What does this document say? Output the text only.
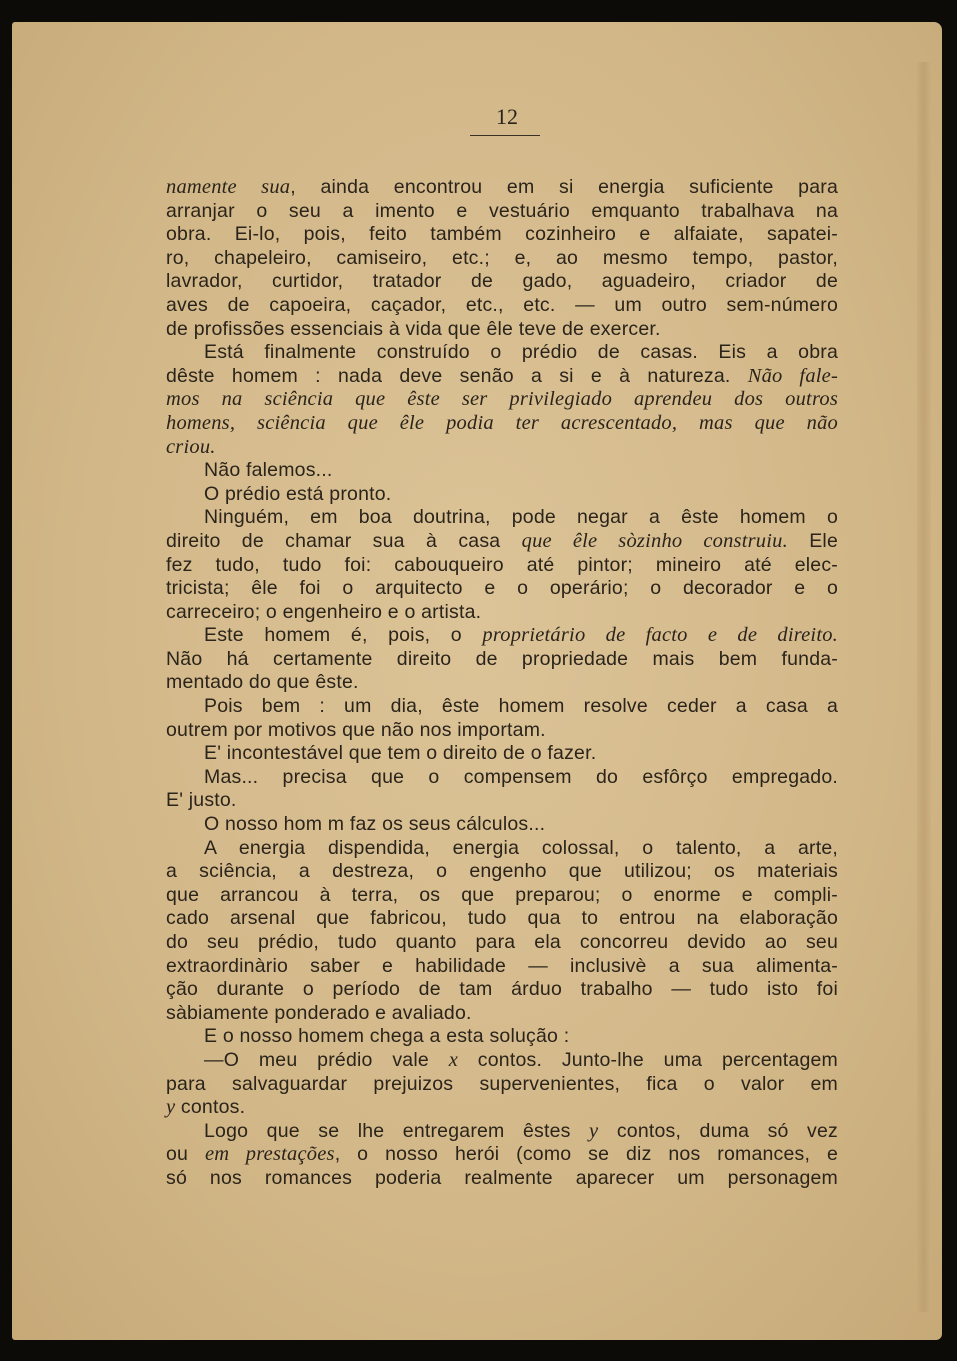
12
namente sua, ainda encontrou em si energia suficiente para
arranjar o seu a imento e vestuário emquanto trabalhava na
obra. Ei-lo, pois, feito também cozinheiro e alfaiate, sapatei-
ro, chapeleiro, camiseiro, etc.; e, ao mesmo tempo, pastor,
lavrador, curtidor, tratador de gado, aguadeiro, criador de
aves de capoeira, caçador, etc., etc. — um outro sem-número
de profissões essenciais à vida que êle teve de exercer.
Está finalmente construído o prédio de casas. Eis a obra
dêste homem : nada deve senão a si e à natureza. Não fale-
mos na sciência que êste ser privilegiado aprendeu dos outros
homens, sciência que êle podia ter acrescentado, mas que não
criou.
Não falemos...
O prédio está pronto.
Ninguém, em boa doutrina, pode negar a êste homem o
direito de chamar sua à casa que êle sòzinho construiu. Ele
fez tudo, tudo foi: cabouqueiro até pintor; mineiro até elec-
tricista; êle foi o arquitecto e o operário; o decorador e o
carreceiro; o engenheiro e o artista.
Este homem é, pois, o proprietário de facto e de direito.
Não há certamente direito de propriedade mais bem funda-
mentado do que êste.
Pois bem : um dia, êste homem resolve ceder a casa a
outrem por motivos que não nos importam.
E' incontestável que tem o direito de o fazer.
Mas... precisa que o compensem do esfôrço empregado.
E' justo.
O nosso hom m faz os seus cálculos...
A energia dispendida, energia colossal, o talento, a arte,
a sciência, a destreza, o engenho que utilizou; os materiais
que arrancou à terra, os que preparou; o enorme e compli-
cado arsenal que fabricou, tudo qua to entrou na elaboração
do seu prédio, tudo quanto para ela concorreu devido ao seu
extraordinàrio saber e habilidade — inclusivè a sua alimenta-
ção durante o período de tam árduo trabalho — tudo isto foi
sàbiamente ponderado e avaliado.
E o nosso homem chega a esta solução :
—O meu prédio vale x contos. Junto-lhe uma percentagem
para salvaguardar prejuizos supervenientes, fica o valor em
y contos.
Logo que se lhe entregarem êstes y contos, duma só vez
ou em prestações, o nosso herói (como se diz nos romances, e
só nos romances poderia realmente aparecer um personagem
